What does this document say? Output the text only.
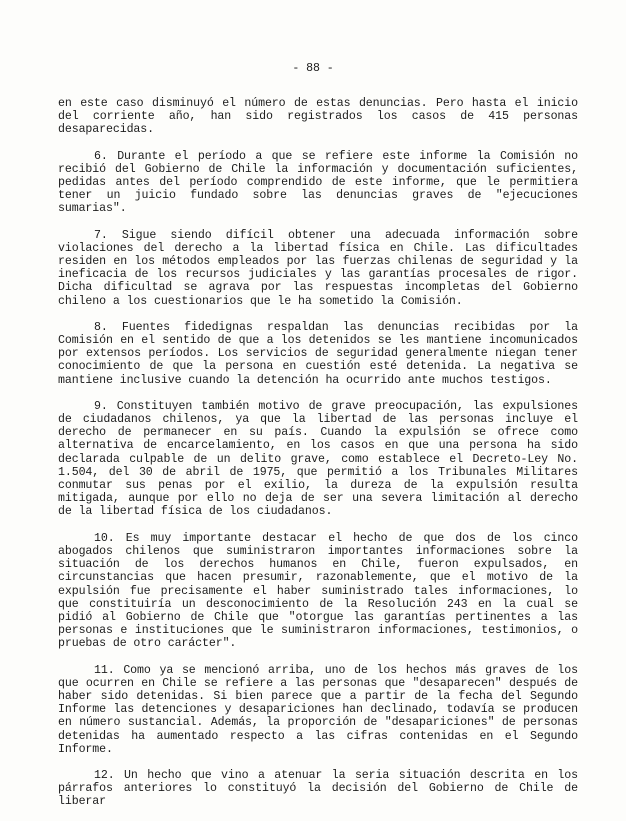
- 88 -

en este caso disminuyó el número de estas denuncias. Pero hasta el inicio del corriente año, han sido registrados los casos de 415 personas desaparecidas.

6. Durante el período a que se refiere este informe la Comisión no recibió del Gobierno de Chile la información y documentación suficientes, pedidas antes del período comprendido de este informe, que le permitiera tener un juicio fundado sobre las denuncias graves de "ejecuciones sumarias".

7. Sigue siendo difícil obtener una adecuada información sobre violaciones del derecho a la libertad física en Chile. Las dificultades residen en los métodos empleados por las fuerzas chilenas de seguridad y la ineficacia de los recursos judiciales y las garantías procesales de rigor. Dicha dificultad se agrava por las respuestas incompletas del Gobierno chileno a los cuestionarios que le ha sometido la Comisión.

8. Fuentes fidedignas respaldan las denuncias recibidas por la Comisión en el sentido de que a los detenidos se les mantiene incomunicados por extensos períodos. Los servicios de seguridad generalmente niegan tener conocimiento de que la persona en cuestión esté detenida. La negativa se mantiene inclusive cuando la detención ha ocurrido ante muchos testigos.

9. Constituyen también motivo de grave preocupación, las expulsiones de ciudadanos chilenos, ya que la libertad de las personas incluye el derecho de permanecer en su país. Cuando la expulsión se ofrece como alternativa de encarcelamiento, en los casos en que una persona ha sido declarada culpable de un delito grave, como establece el Decreto-Ley No. 1.504, del 30 de abril de 1975, que permitió a los Tribunales Militares conmutar sus penas por el exilio, la dureza de la expulsión resulta mitigada, aunque por ello no deja de ser una severa limitación al derecho de la libertad física de los ciudadanos.

10. Es muy importante destacar el hecho de que dos de los cinco abogados chilenos que suministraron importantes informaciones sobre la situación de los derechos humanos en Chile, fueron expulsados, en circunstancias que hacen presumir, razonablemente, que el motivo de la expulsión fue precisamente el haber suministrado tales informaciones, lo que constituiría un desconocimiento de la Resolución 243 en la cual se pidió al Gobierno de Chile que "otorgue las garantías pertinentes a las personas e instituciones que le suministraron informaciones, testimonios, o pruebas de otro carácter".

11. Como ya se mencionó arriba, uno de los hechos más graves de los que ocurren en Chile se refiere a las personas que "desaparecen" después de haber sido detenidas. Si bien parece que a partir de la fecha del Segundo Informe las detenciones y desapariciones han declinado, todavía se producen en número sustancial. Además, la proporción de "desapariciones" de personas detenidas ha aumentado respecto a las cifras contenidas en el Segundo Informe.

12. Un hecho que vino a atenuar la seria situación descrita en los párrafos anteriores lo constituyó la decisión del Gobierno de Chile de liberar
